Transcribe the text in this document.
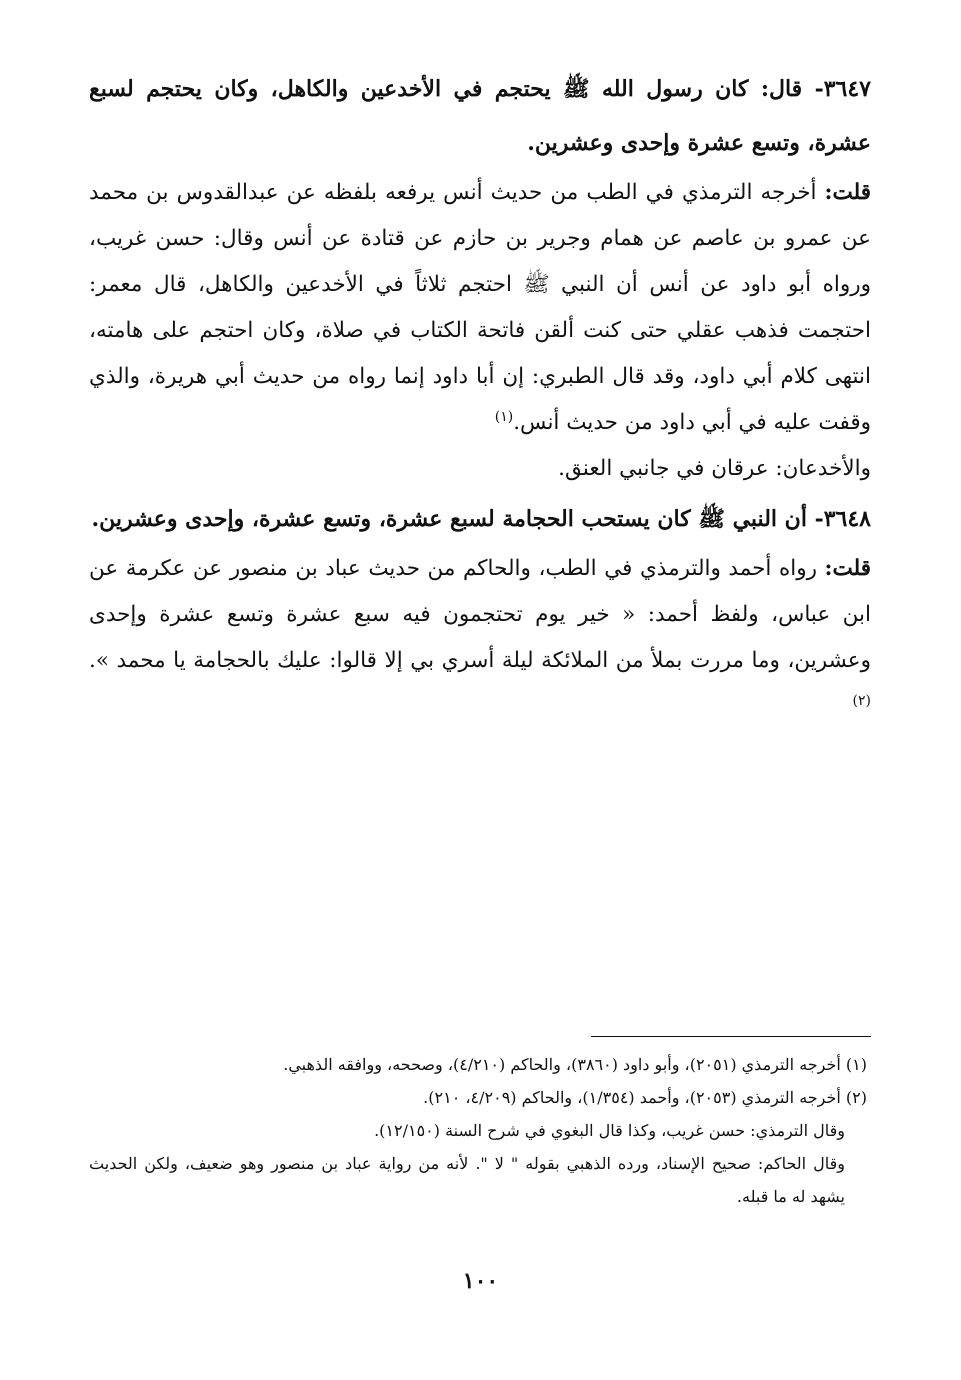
٣٦٤٧- قال: كان رسول الله ﷺ يحتجم في الأخدعين والكاهل، وكان يحتجم لسبع عشرة، وتسع عشرة وإحدى وعشرين.

قلت: أخرجه الترمذي في الطب من حديث أنس يرفعه بلفظه عن عبدالقدوس بن محمد عن عمرو بن عاصم عن همام وجرير بن حازم عن قتادة عن أنس وقال: حسن غريب، ورواه أبو داود عن أنس أن النبي ﷺ احتجم ثلاثاً في الأخدعين والكاهل، قال معمر: احتجمت فذهب عقلي حتى كنت ألقن فاتحة الكتاب في صلاة، وكان احتجم على هامته، انتهى كلام أبي داود، وقد قال الطبري: إن أبا داود إنما رواه من حديث أبي هريرة، والذي وقفت عليه في أبي داود من حديث أنس.$^{(١)}$

والأخدعان: عرقان في جانبي العنق.

٣٦٤٨- أن النبي ﷺ كان يستحب الحجامة لسبع عشرة، وتسع عشرة، وإحدى وعشرين.

قلت: رواه أحمد والترمذي في الطب، والحاكم من حديث عباد بن منصور عن عكرمة عن ابن عباس، ولفظ أحمد: « خير يوم تحتجمون فيه سبع عشرة وتسع عشرة وإحدى وعشرين، وما مررت بملأ من الملائكة ليلة أسري بي إلا قالوا: عليك بالحجامة يا محمد ».$^{(٢)}$

(١) أخرجه الترمذي (٢٠٥١)، وأبو داود (٣٨٦٠)، والحاكم (٤/٢١٠)، وصححه، ووافقه الذهبي.

(٢) أخرجه الترمذي (٢٠٥٣)، وأحمد (١/٣٥٤)، والحاكم (٤/٢٠٩، ٢١٠).

وقال الترمذي: حسن غريب، وكذا قال البغوي في شرح السنة (١٢/١٥٠).

وقال الحاكم: صحيح الإسناد، ورده الذهبي بقوله " لا ". لأنه من رواية عباد بن منصور وهو ضعيف، ولكن الحديث يشهد له ما قبله.

١٠٠
